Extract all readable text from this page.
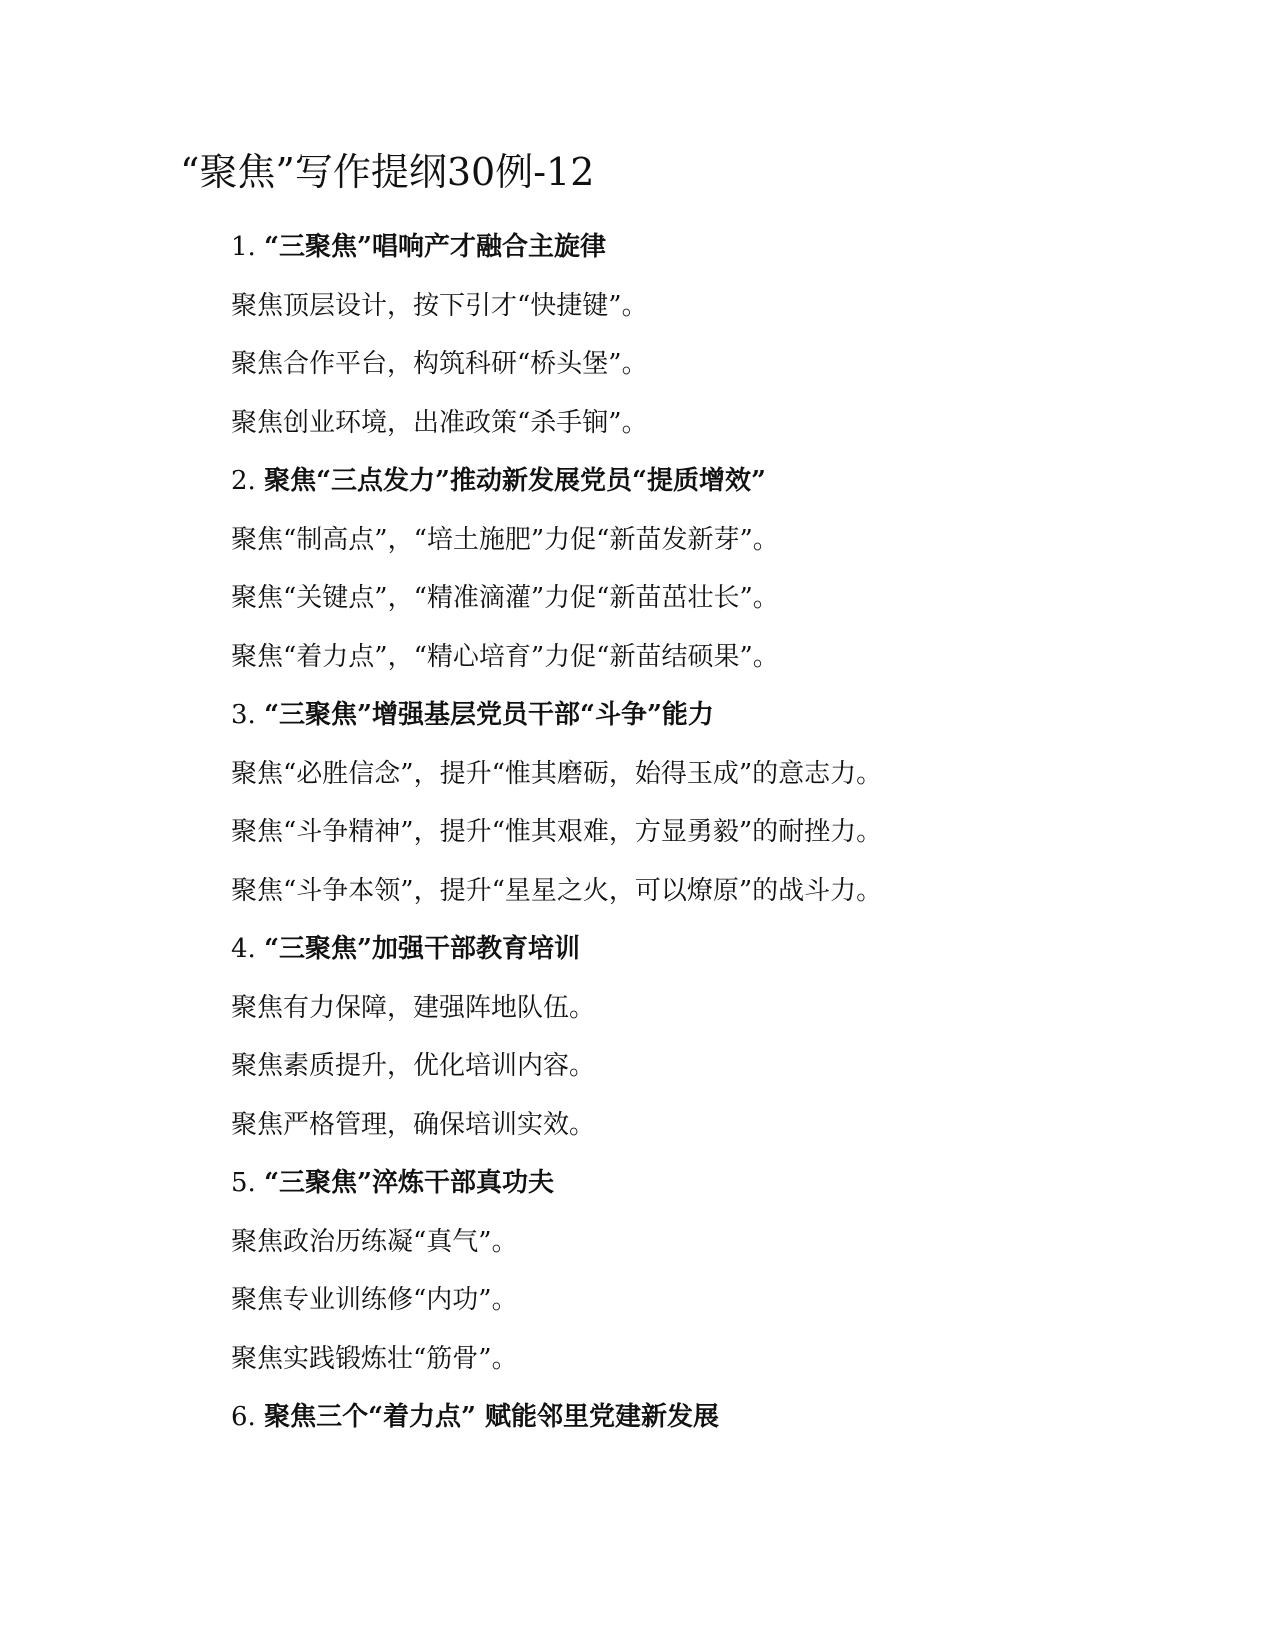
“聚焦”写作提纲30例-12

1. “三聚焦”唱响产才融合主旋律

聚焦顶层设计，按下引才“快捷键”。

聚焦合作平台，构筑科研“桥头堡”。

聚焦创业环境，出准政策“杀手锏”。

2. 聚焦“三点发力”推动新发展党员“提质增效”

聚焦“制高点”，“培土施肥”力促“新苗发新芽”。

聚焦“关键点”，“精准滴灌”力促“新苗茁壮长”。

聚焦“着力点”，“精心培育”力促“新苗结硕果”。

3. “三聚焦”增强基层党员干部“斗争”能力

聚焦“必胜信念”，提升“惟其磨砺，始得玉成”的意志力。

聚焦“斗争精神”，提升“惟其艰难，方显勇毅”的耐挫力。

聚焦“斗争本领”，提升“星星之火，可以燎原”的战斗力。

4. “三聚焦”加强干部教育培训

聚焦有力保障，建强阵地队伍。

聚焦素质提升，优化培训内容。

聚焦严格管理，确保培训实效。

5. “三聚焦”淬炼干部真功夫

聚焦政治历练凝“真气”。

聚焦专业训练修“内功”。

聚焦实践锻炼壮“筋骨”。

6. 聚焦三个“着力点” 赋能邻里党建新发展
